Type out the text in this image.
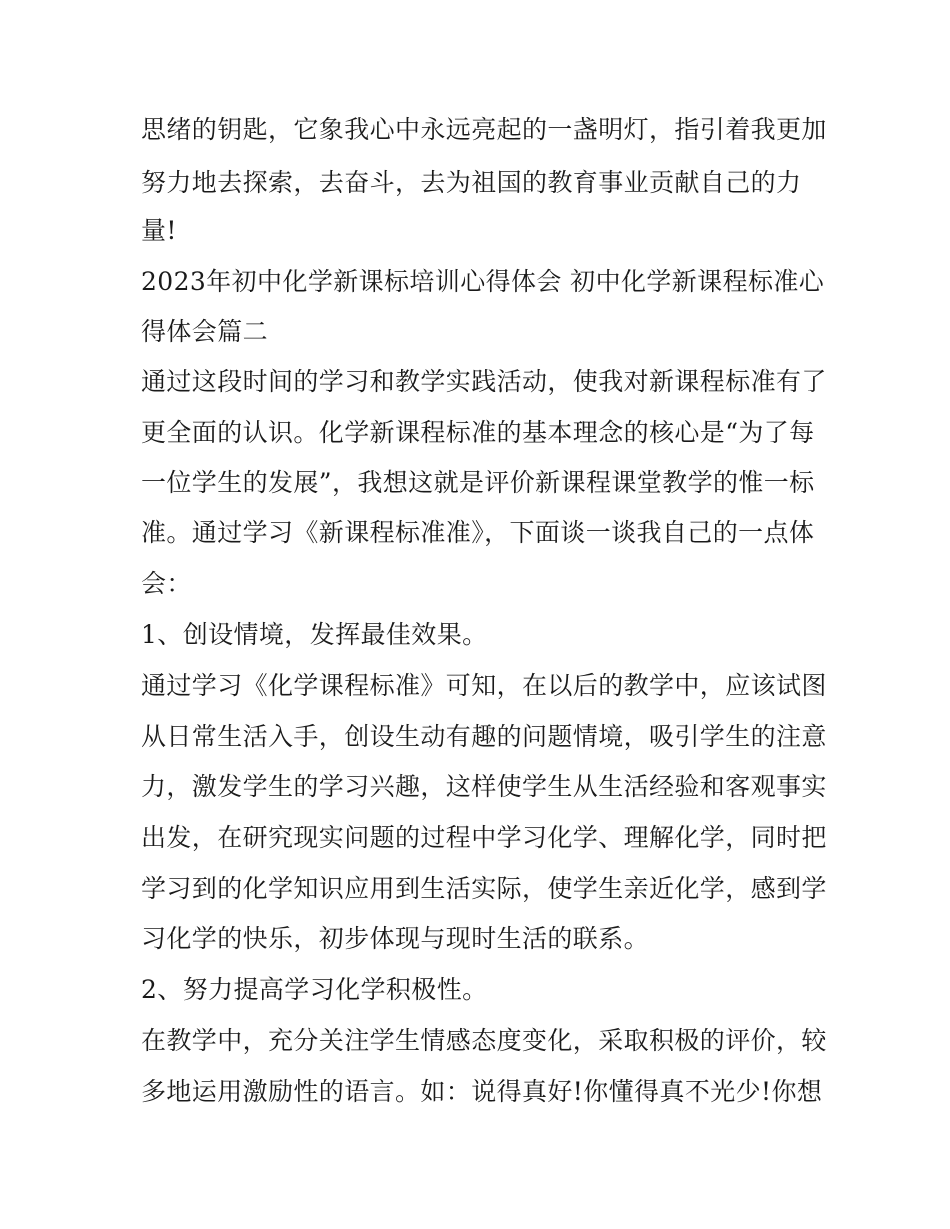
思绪的钥匙，它象我心中永远亮起的一盏明灯，指引着我更加
努力地去探索，去奋斗，去为祖国的教育事业贡献自己的力
量!
2023年初中化学新课标培训心得体会 初中化学新课程标准心
得体会篇二
通过这段时间的学习和教学实践活动，使我对新课程标准有了
更全面的认识。化学新课程标准的基本理念的核心是“为了每
一位学生的发展”，我想这就是评价新课程课堂教学的惟一标
准。通过学习《新课程标准准》，下面谈一谈我自己的一点体
会：
1、创设情境，发挥最佳效果。
通过学习《化学课程标准》可知，在以后的教学中，应该试图
从日常生活入手，创设生动有趣的问题情境，吸引学生的注意
力，激发学生的学习兴趣，这样使学生从生活经验和客观事实
出发，在研究现实问题的过程中学习化学、理解化学，同时把
学习到的化学知识应用到生活实际，使学生亲近化学，感到学
习化学的快乐，初步体现与现时生活的联系。
2、努力提高学习化学积极性。
在教学中，充分关注学生情感态度变化，采取积极的评价，较
多地运用激励性的语言。如：说得真好!你懂得真不光少!你想
